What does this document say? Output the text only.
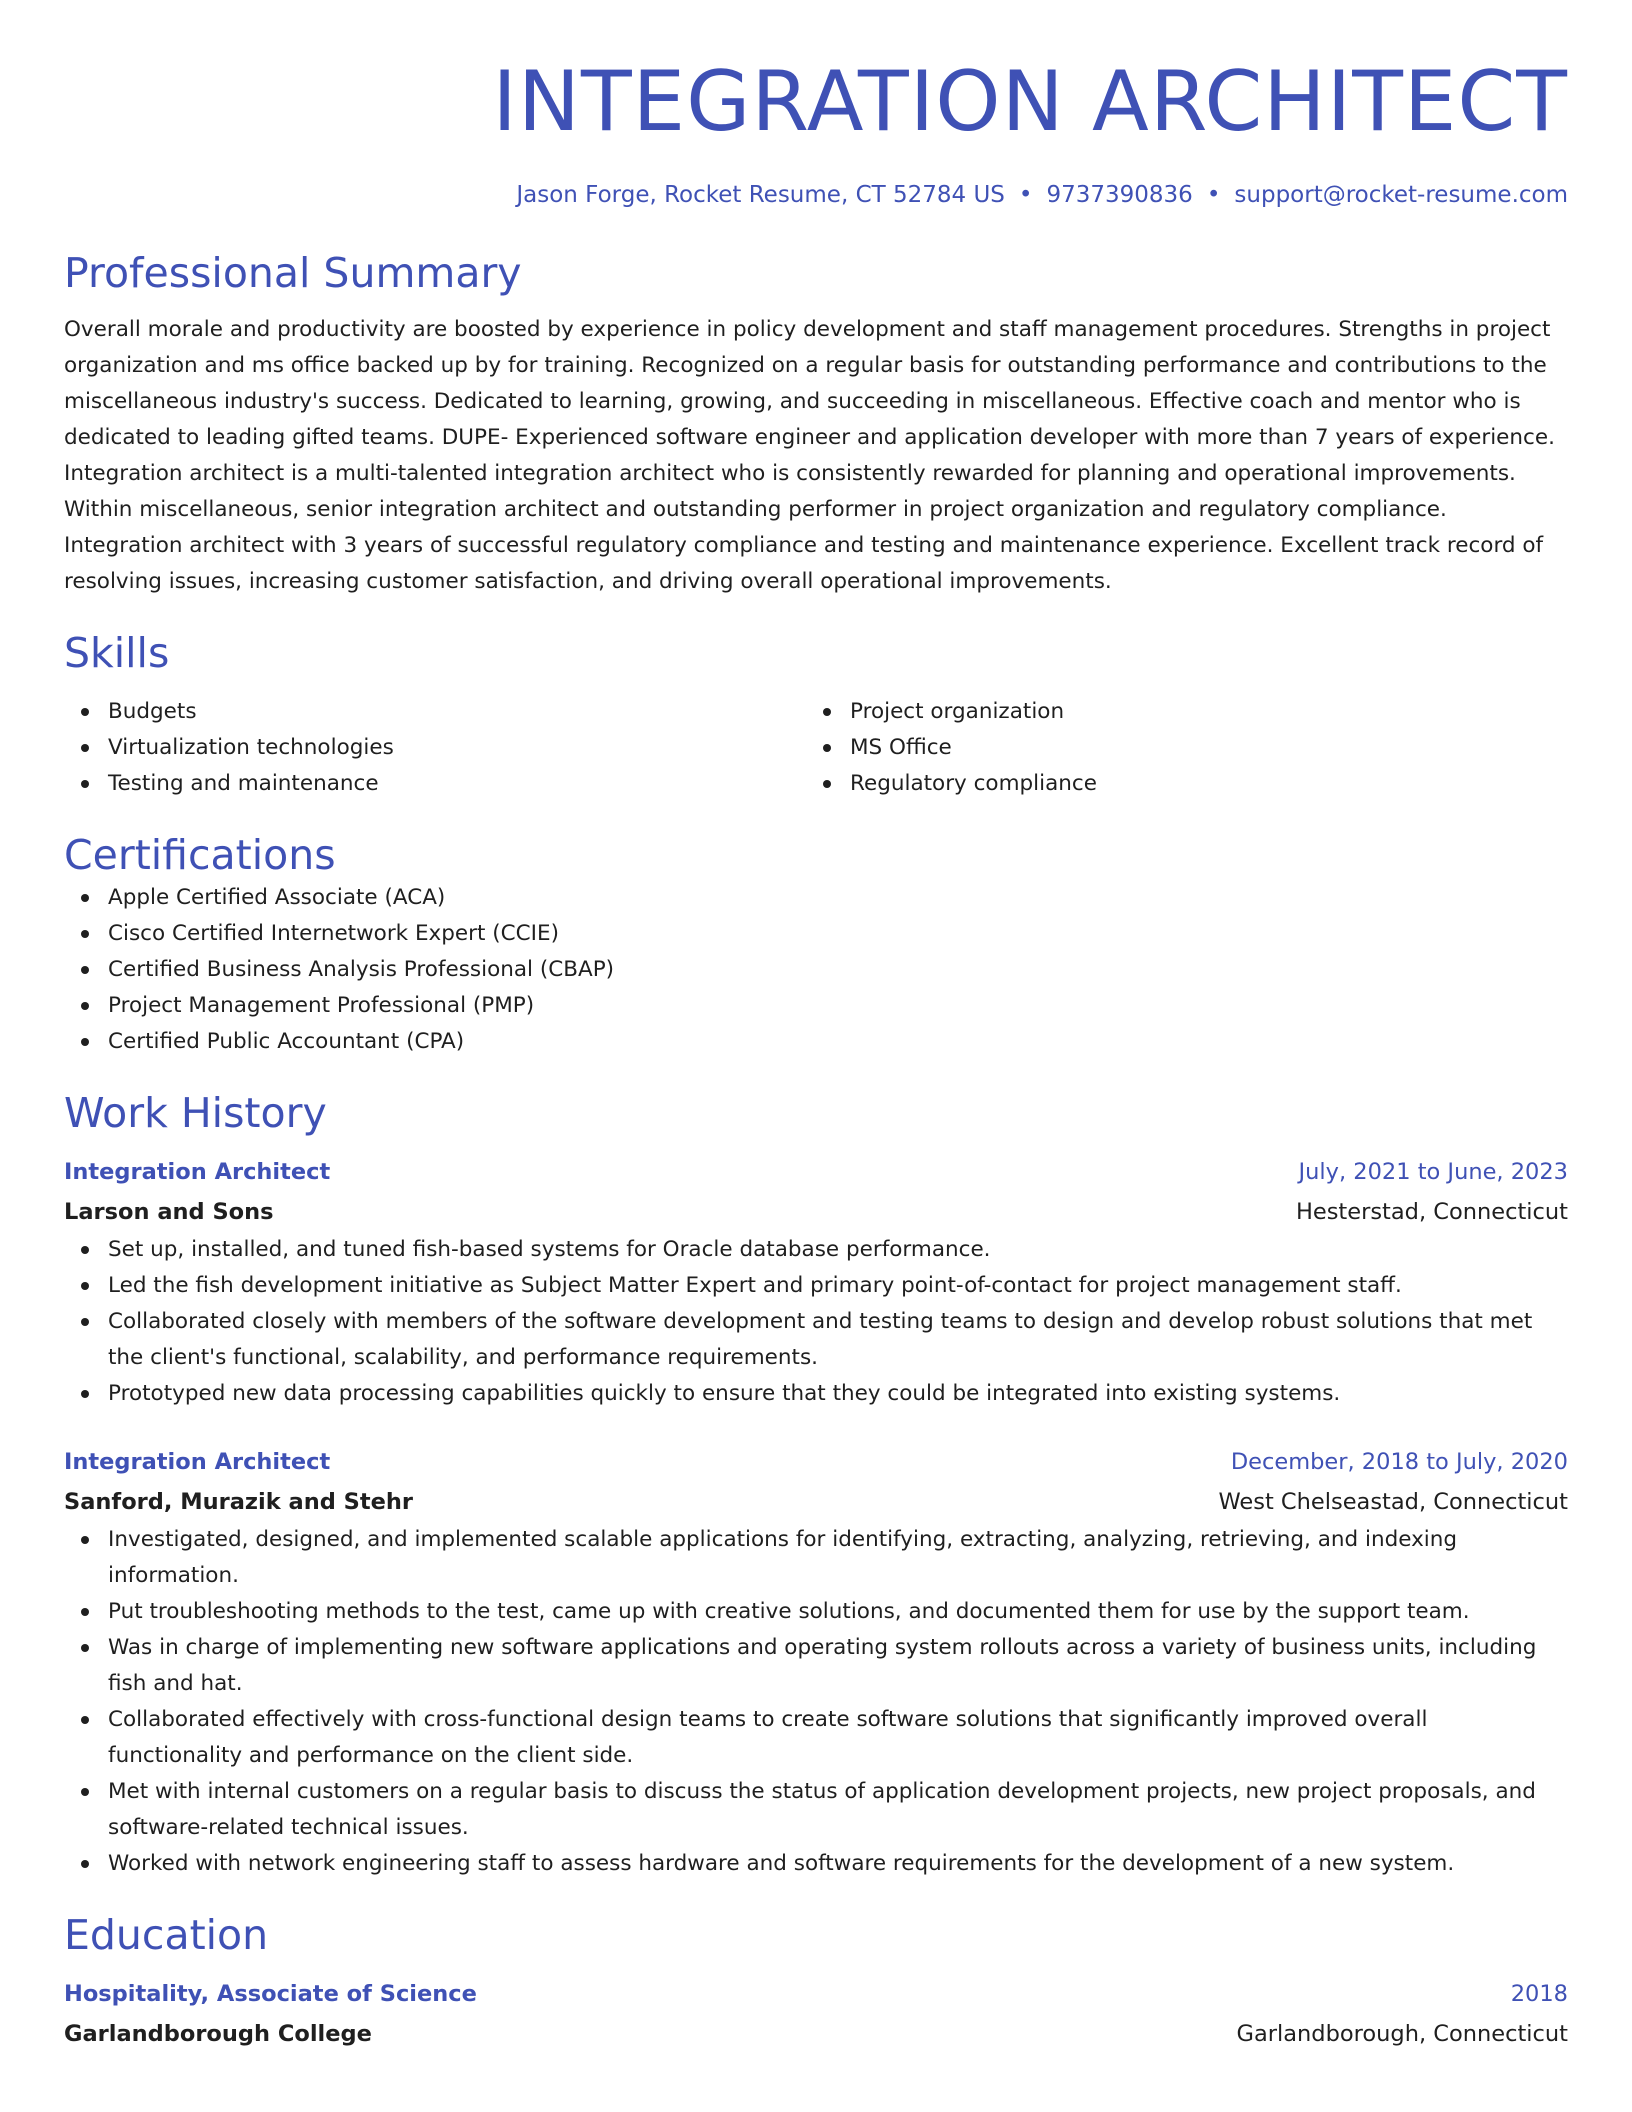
INTEGRATION ARCHITECT
Jason Forge, Rocket Resume, CT 52784 US • 9737390836 • support@rocket-resume.com
Professional Summary
Overall morale and productivity are boosted by experience in policy development and staff management procedures. Strengths in project organization and ms office backed up by for training. Recognized on a regular basis for outstanding performance and contributions to the miscellaneous industry's success. Dedicated to learning, growing, and succeeding in miscellaneous. Effective coach and mentor who is dedicated to leading gifted teams. DUPE- Experienced software engineer and application developer with more than 7 years of experience. Integration architect is a multi-talented integration architect who is consistently rewarded for planning and operational improvements. Within miscellaneous, senior integration architect and outstanding performer in project organization and regulatory compliance. Integration architect with 3 years of successful regulatory compliance and testing and maintenance experience. Excellent track record of resolving issues, increasing customer satisfaction, and driving overall operational improvements.
Skills
Budgets
Virtualization technologies
Testing and maintenance
Project organization
MS Office
Regulatory compliance
Certifications
Apple Certified Associate (ACA)
Cisco Certified Internetwork Expert (CCIE)
Certified Business Analysis Professional (CBAP)
Project Management Professional (PMP)
Certified Public Accountant (CPA)
Work History
Integration Architect	July, 2021 to June, 2023
Larson and Sons	Hesterstad, Connecticut
Set up, installed, and tuned fish-based systems for Oracle database performance.
Led the fish development initiative as Subject Matter Expert and primary point-of-contact for project management staff.
Collaborated closely with members of the software development and testing teams to design and develop robust solutions that met the client's functional, scalability, and performance requirements.
Prototyped new data processing capabilities quickly to ensure that they could be integrated into existing systems.
Integration Architect	December, 2018 to July, 2020
Sanford, Murazik and Stehr	West Chelseastad, Connecticut
Investigated, designed, and implemented scalable applications for identifying, extracting, analyzing, retrieving, and indexing information.
Put troubleshooting methods to the test, came up with creative solutions, and documented them for use by the support team.
Was in charge of implementing new software applications and operating system rollouts across a variety of business units, including fish and hat.
Collaborated effectively with cross-functional design teams to create software solutions that significantly improved overall functionality and performance on the client side.
Met with internal customers on a regular basis to discuss the status of application development projects, new project proposals, and software-related technical issues.
Worked with network engineering staff to assess hardware and software requirements for the development of a new system.
Education
Hospitality, Associate of Science	2018
Garlandborough College	Garlandborough, Connecticut
